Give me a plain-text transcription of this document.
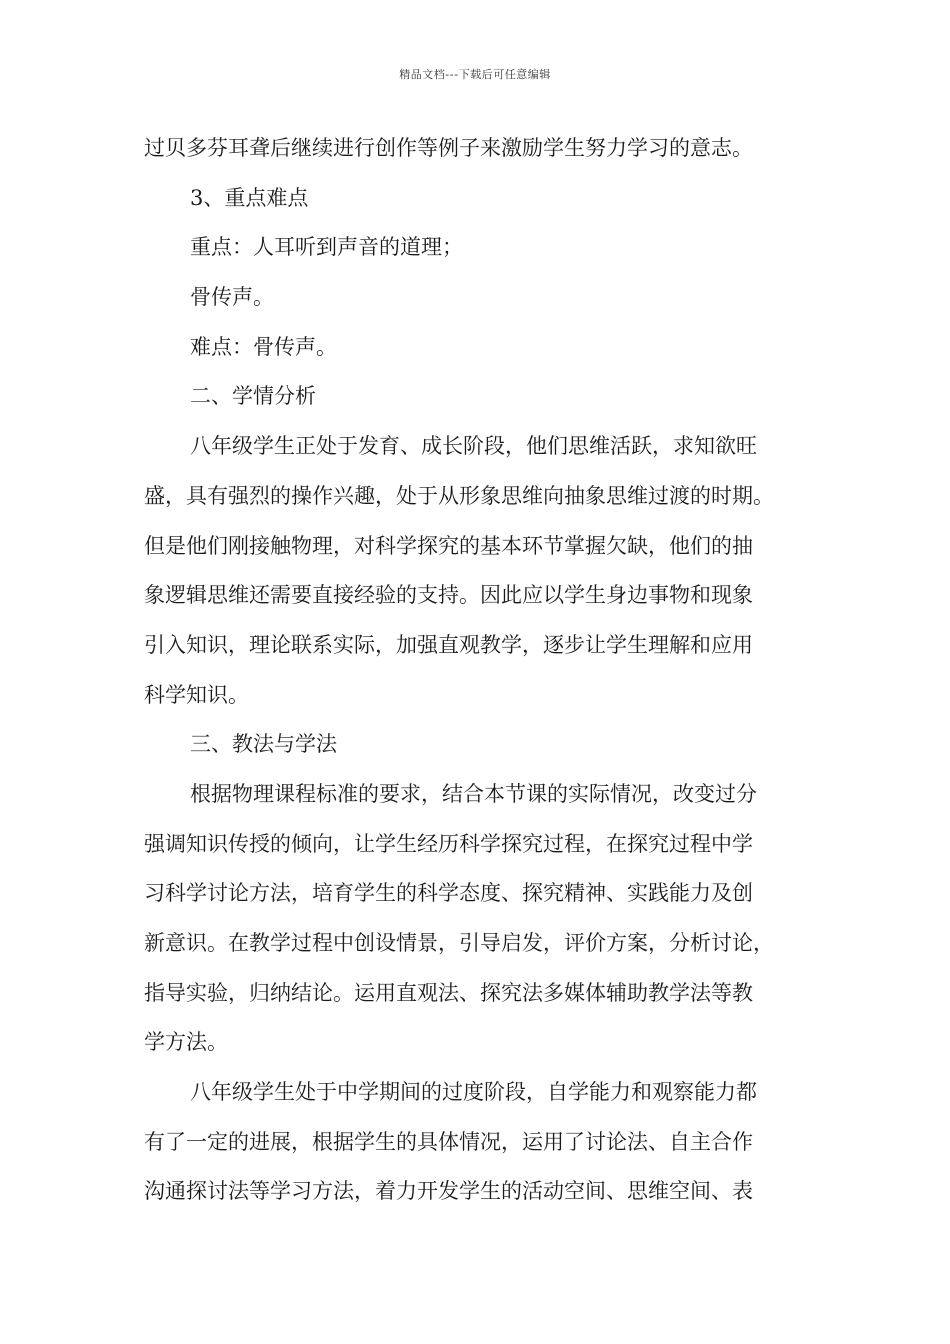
精品文档---下载后可任意编辑
过贝多芬耳聋后继续进行创作等例子来激励学生努力学习的意志。
3、重点难点
重点：人耳听到声音的道理；
骨传声。
难点：骨传声。
二、学情分析
八年级学生正处于发育、成长阶段，他们思维活跃，求知欲旺
盛，具有强烈的操作兴趣，处于从形象思维向抽象思维过渡的时期。
但是他们刚接触物理，对科学探究的基本环节掌握欠缺，他们的抽
象逻辑思维还需要直接经验的支持。因此应以学生身边事物和现象
引入知识，理论联系实际，加强直观教学，逐步让学生理解和应用
科学知识。
三、教法与学法
根据物理课程标准的要求，结合本节课的实际情况，改变过分
强调知识传授的倾向，让学生经历科学探究过程，在探究过程中学
习科学讨论方法，培育学生的科学态度、探究精神、实践能力及创
新意识。在教学过程中创设情景，引导启发，评价方案，分析讨论，
指导实验，归纳结论。运用直观法、探究法多媒体辅助教学法等教
学方法。
八年级学生处于中学期间的过度阶段，自学能力和观察能力都
有了一定的进展，根据学生的具体情况，运用了讨论法、自主合作
沟通探讨法等学习方法，着力开发学生的活动空间、思维空间、表
